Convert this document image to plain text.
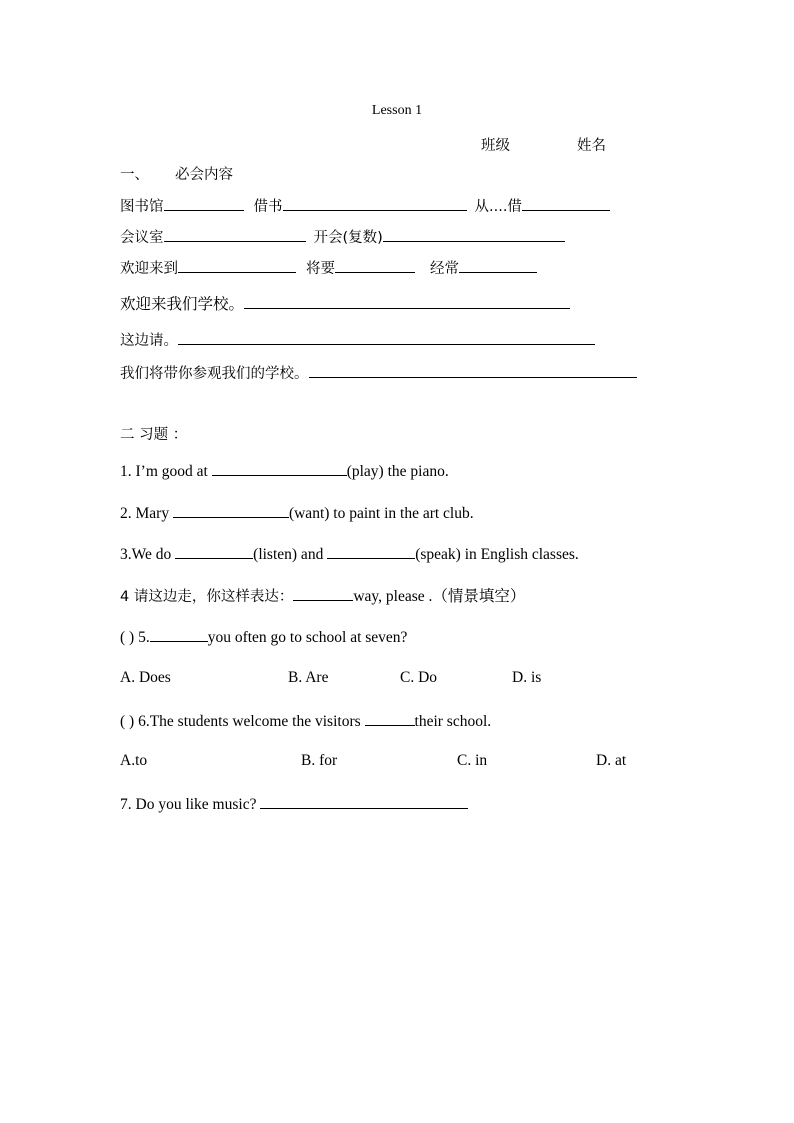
Lesson 1
班级	姓名
一、 必会内容
图书馆	借书	从....借
会议室	开会(复数)
欢迎来到	将要	经常
欢迎来我们学校。
这边请。
我们将带你参观我们的学校。
二 习题 ：
1. I’m good at	(play) the piano.
2. Mary	(want) to paint in the art club.
3.We do	(listen) and	(speak) in English classes.
4 请这边走，你这样表达：	way, please .（情景填空）
( ) 5.	you often go to school at seven?
A. Does	B. Are	C. Do	D. is
( ) 6.The students welcome the visitors	their school.
A.to	B. for	C. in	D. at
7. Do you like music?
